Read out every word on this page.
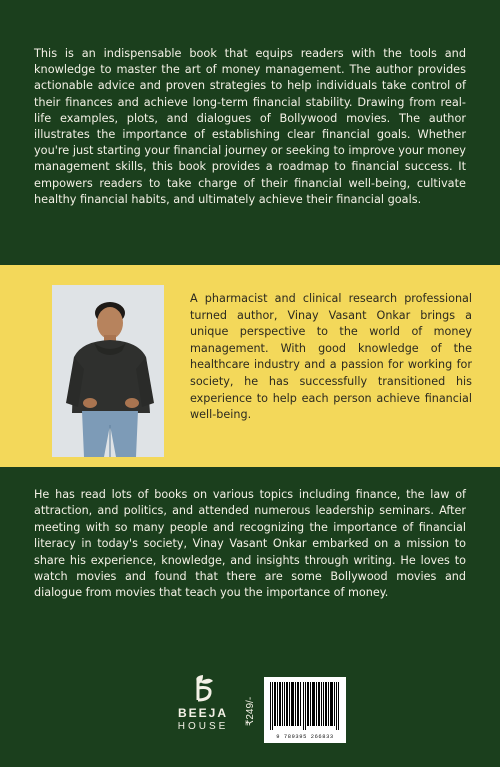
This is an indispensable book that equips readers with the tools and knowledge to master the art of money management. The author provides actionable advice and proven strategies to help individuals take control of their finances and achieve long-term financial stability. Drawing from real-life examples, plots, and dialogues of Bollywood movies. The author illustrates the importance of establishing clear financial goals. Whether you're just starting your financial journey or seeking to improve your money management skills, this book provides a roadmap to financial success. It empowers readers to take charge of their financial well-being, cultivate healthy financial habits, and ultimately achieve their financial goals.

A pharmacist and clinical research professional turned author, Vinay Vasant Onkar brings a unique perspective to the world of money management. With good knowledge of the healthcare industry and a passion for working for society, he has successfully transitioned his experience to help each person achieve financial well-being.

He has read lots of books on various topics including finance, the law of attraction, and politics, and attended numerous leadership seminars. After meeting with so many people and recognizing the importance of financial literacy in today's society, Vinay Vasant Onkar embarked on a mission to share his experience, knowledge, and insights through writing. He loves to watch movies and found that there are some Bollywood movies and dialogue from movies that teach you the importance of money.

BEEJA
HOUSE
₹249/-
9 789395 266833
